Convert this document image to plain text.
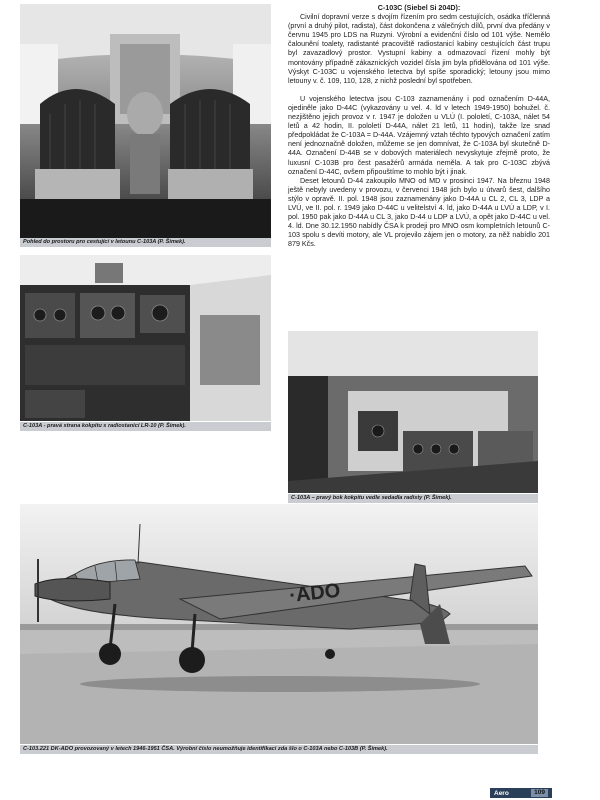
Pohled do prostoru pro cestující v letounu C-103A (P. Šimek).
C-103A - pravá strana kokpitu s radiostanicí LR-10 (P. Šimek).
C-103A – pravý bok kokpitu vedle sedadla radisty (P. Šimek).
·ADO
C-103.221 DK-ADO provozovaný v letech 1946-1951 ČSA. Výrobní číslo neumožňuje identifikaci zda šlo o C-103A nebo C-103B (P. Šimek).

C-103C (Siebel Si 204D):

Civilní dopravní verze s dvojím řízením pro sedm cestujících, osádka tříčlenná (první a druhý pilot, radista), část dokončena z válečných dílů, první dva předány v červnu 1945 pro LDS na Ruzyni. Výrobní a evidenční číslo od 101 výše. Nemělo čalounění toalety, radistanté pracoviště radiostanicí kabiny cestujících část trupu byl zavazadlový prostor. Vystupní kabiny a odmazovací řízení mohly být montovány případně zákaznických vozidel čísla jim byla přidělována od 101 výše. Výskyt C-103C u vojenského letectva byl spíše sporadický; letouny jsou mimo letouny v. č. 109, 110, 128, z nichž poslední byl spotřeben.

U vojenského letectva jsou C-103 zaznamenány i pod označením D-44A, ojediněle jako D-44C (vykazovány u vel. 4. ld v letech 1949-1950) bohužel. č. nezjištěno jejich provoz v r. 1947 je doložen u VLÚ (I. pololetí, C-103A, nálet 54 letů a 42 hodin, II. pololetí D-44A, nálet 21 letů, 11 hodin), takže lze snad předpokládat že C-103A = D-44A. Vzájemný vztah těchto typových označení zatím není jednoznačně doložen, můžeme se jen domnívat, že C-103A byl skutečně D-44A. Označení D-44B se v dobových materiálech nevyskytuje zřejmě proto, že luxusní C-103B pro čest pasažérů armáda neměla. A tak pro C-103C zbývá označení D-44C, ovšem připouštíme to mohlo být i jinak.

Deset letounů D-44 zakoupilo MNO od MD v prosinci 1947. Na březnu 1948 ještě nebyly uvedeny v provozu, v červenci 1948 jich bylo u útvarů šest, dalšího stýlo v opravě. II. pol. 1948 jsou zaznamenány jako D-44A u CL 2, CL 3, LDP a LVÚ, ve II. pol. r. 1949 jako D-44C u velitelství 4. ld, jako D-44A u LVÚ a LDP, v I. pol. 1950 pak jako D-44A u CL 3, jako D-44 u LDP a LVÚ, a opět jako D-44C u vel. 4. ld. Dne 30.12.1950 nabídly ČSA k prodeji pro MNO osm kompletních letounů C-103 spolu s devíti motory, ale VL projevilo zájem jen o motory, za něž nabídlo 201 879 Kčs.

Aero	109
